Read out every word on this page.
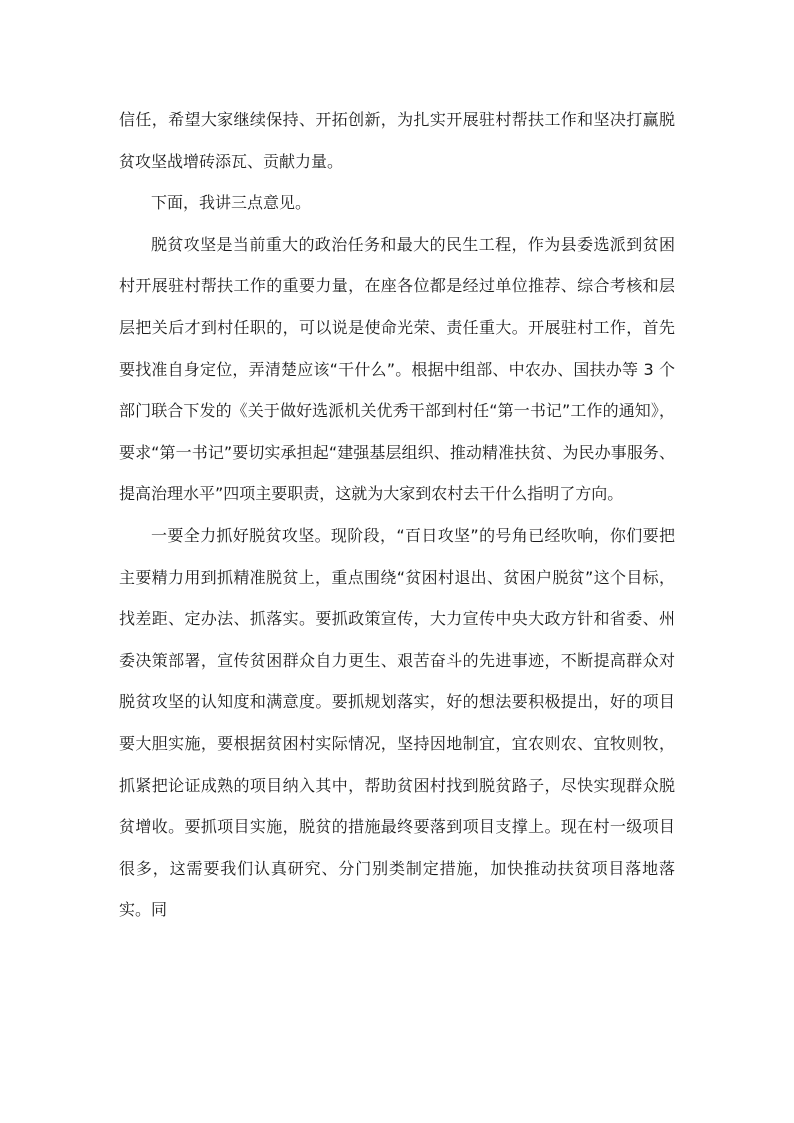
信任，希望大家继续保持、开拓创新，为扎实开展驻村帮扶工作和坚决打赢脱贫攻坚战增砖添瓦、贡献力量。

下面，我讲三点意见。

脱贫攻坚是当前重大的政治任务和最大的民生工程，作为县委选派到贫困村开展驻村帮扶工作的重要力量，在座各位都是经过单位推荐、综合考核和层层把关后才到村任职的，可以说是使命光荣、责任重大。开展驻村工作，首先要找准自身定位，弄清楚应该“干什么”。根据中组部、中农办、国扶办等 3 个部门联合下发的《关于做好选派机关优秀干部到村任“第一书记”工作的通知》，要求“第一书记”要切实承担起“建强基层组织、推动精准扶贫、为民办事服务、提高治理水平”四项主要职责，这就为大家到农村去干什么指明了方向。

一要全力抓好脱贫攻坚。现阶段，“百日攻坚”的号角已经吹响，你们要把主要精力用到抓精准脱贫上，重点围绕“贫困村退出、贫困户脱贫”这个目标，找差距、定办法、抓落实。要抓政策宣传，大力宣传中央大政方针和省委、州委决策部署，宣传贫困群众自力更生、艰苦奋斗的先进事迹，不断提高群众对脱贫攻坚的认知度和满意度。要抓规划落实，好的想法要积极提出，好的项目要大胆实施，要根据贫困村实际情况，坚持因地制宜，宜农则农、宜牧则牧，抓紧把论证成熟的项目纳入其中，帮助贫困村找到脱贫路子，尽快实现群众脱贫增收。要抓项目实施，脱贫的措施最终要落到项目支撑上。现在村一级项目很多，这需要我们认真研究、分门别类制定措施，加快推动扶贫项目落地落实。同
